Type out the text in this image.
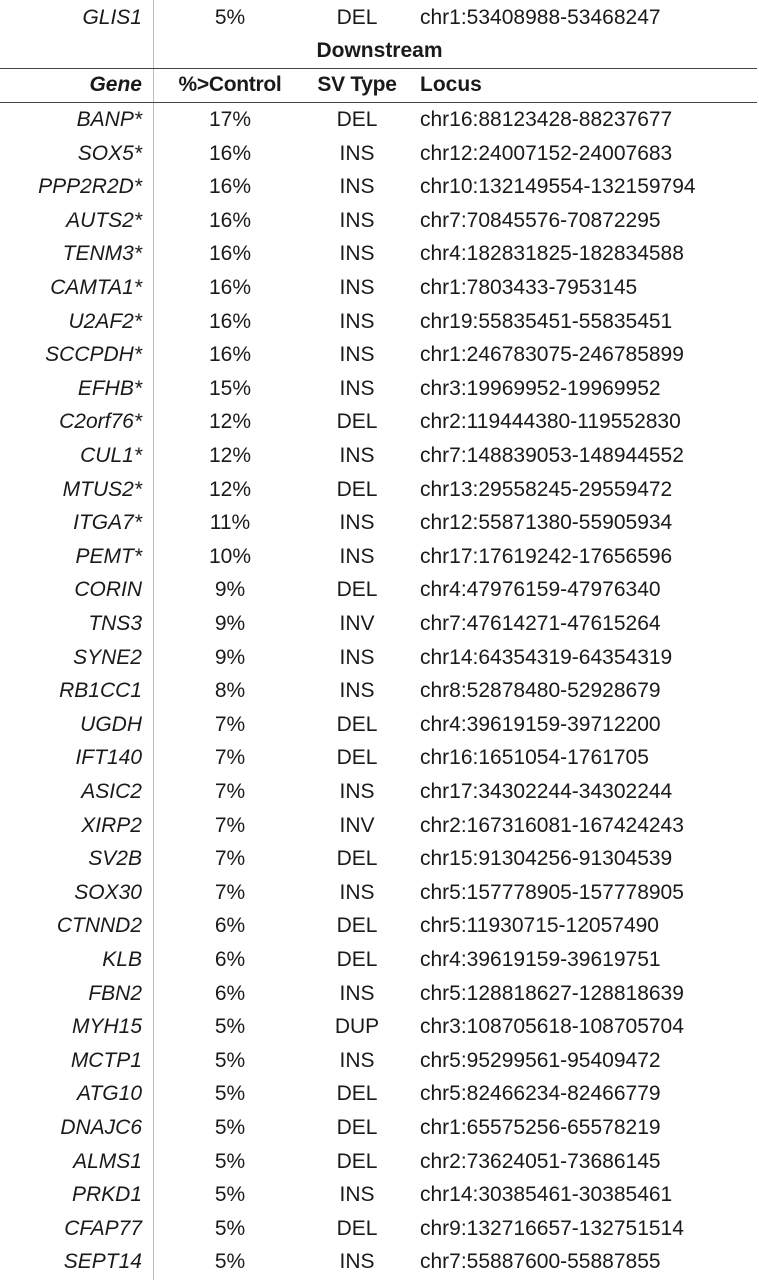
GLIS1	5%	DEL	chr1:53408988-53468247
Downstream
Gene	%>Control	SV Type	Locus
BANP*	17%	DEL	chr16:88123428-88237677
SOX5*	16%	INS	chr12:24007152-24007683
PPP2R2D*	16%	INS	chr10:132149554-132159794
AUTS2*	16%	INS	chr7:70845576-70872295
TENM3*	16%	INS	chr4:182831825-182834588
CAMTA1*	16%	INS	chr1:7803433-7953145
U2AF2*	16%	INS	chr19:55835451-55835451
SCCPDH*	16%	INS	chr1:246783075-246785899
EFHB*	15%	INS	chr3:19969952-19969952
C2orf76*	12%	DEL	chr2:119444380-119552830
CUL1*	12%	INS	chr7:148839053-148944552
MTUS2*	12%	DEL	chr13:29558245-29559472
ITGA7*	11%	INS	chr12:55871380-55905934
PEMT*	10%	INS	chr17:17619242-17656596
CORIN	9%	DEL	chr4:47976159-47976340
TNS3	9%	INV	chr7:47614271-47615264
SYNE2	9%	INS	chr14:64354319-64354319
RB1CC1	8%	INS	chr8:52878480-52928679
UGDH	7%	DEL	chr4:39619159-39712200
IFT140	7%	DEL	chr16:1651054-1761705
ASIC2	7%	INS	chr17:34302244-34302244
XIRP2	7%	INV	chr2:167316081-167424243
SV2B	7%	DEL	chr15:91304256-91304539
SOX30	7%	INS	chr5:157778905-157778905
CTNND2	6%	DEL	chr5:11930715-12057490
KLB	6%	DEL	chr4:39619159-39619751
FBN2	6%	INS	chr5:128818627-128818639
MYH15	5%	DUP	chr3:108705618-108705704
MCTP1	5%	INS	chr5:95299561-95409472
ATG10	5%	DEL	chr5:82466234-82466779
DNAJC6	5%	DEL	chr1:65575256-65578219
ALMS1	5%	DEL	chr2:73624051-73686145
PRKD1	5%	INS	chr14:30385461-30385461
CFAP77	5%	DEL	chr9:132716657-132751514
SEPT14	5%	INS	chr7:55887600-55887855
